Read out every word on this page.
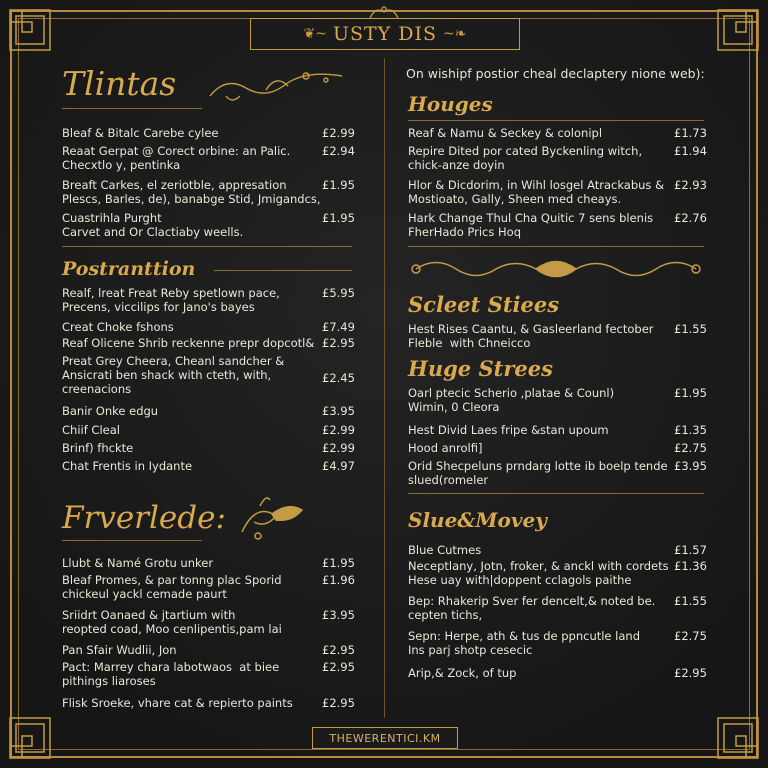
❦~ USTY DIS ~❧
Tlintas
Bleaf & Bitalc Carebe cylee	£2.99
Reaat Gerpat @ Corect orbine: an Palic.
Checxtlo y, pentinka
£2.94
Breaft Carkes, el zeriotble, appresation
Plescs, Barles, de), banabge Stid, Jmigandcs,
£1.95
Cuastrihla Purght
Carvet and Or Clactiaby weells.
£1.95
Postranttion
Realf, lreat Freat Reby spetlown pace,
Precens, viccilips for Jano's bayes
£5.95
Creat Choke fshons	£7.49
Reaf Olicene Shrib reckenne prepr dopcotl& £2.95
Preat Grey Cheera, Cheanl sandcher &
Ansicrati ben shack with cteth, with,
creenacions
£2.45
Banir Onke edgu	£3.95
Chiif Cleal	£2.99
Brinf) fhckte	£2.99
Chat Frentis in Iydante	£4.97
Frverlede:
Llubt & Namé Grotu unker	£1.95
Bleaf Promes, & par tonng plac Sporid
chickeul yackl cemade paurt
£1.96
Sriidrt Oanaed & jtartium with
reopted coad, Moo cenlipentis,pam lai
£3.95
Pan Sfair Wudlii, Jon	£2.95
Pact: Marrey chara labotwaos  at biee
pithings liaroses
£2.95
Flisk Sroeke, vhare cat & repierto paints	£2.95
On wishipf postior cheal declaptery nione web):
Houges
Reaf & Namu & Seckey & colonipl	£1.73
Repire Dited por cated Byckenling witch,
chick-anze doyin
£1.94
Hlor & Dicdorim, in Wihl losgel Atrackabus &
Mostioato, Gally, Sheen med cheays.
£2.93
Hark Change Thul Cha Quitic 7 sens blenis
FherHado Prics Hoq
£2.76
Scleet Stiees
Hest Rises Caantu, & Gasleerland fectober
Fleble  with Chneicco
£1.55
Huge Strees
Oarl ptecic Scherio ,platae & Counl)
Wimin, 0 Cleora
£1.95
Hest Divid Laes fripe &stan upoum	£1.35
Hood anrolfi]	£2.75
Orid Shecpeluns prndarg lotte ib boelp tende
slued(romeler
£3.95
Slue&Movey
Blue Cutmes	£1.57
Neceptlany, Jotn, froker, & anckl with cordets
Hese uay with|doppent cclagols paithe
£1.36
Bep: Rhakerip Sver fer dencelt,& noted be.
cepten tichs,
£1.55
Sepn: Herpe, ath & tus de ppncutle land
Ins parj shotp cesecic
£2.75
Arip,& Zock, of tup	£2.95
THEWERENTICI.KM
